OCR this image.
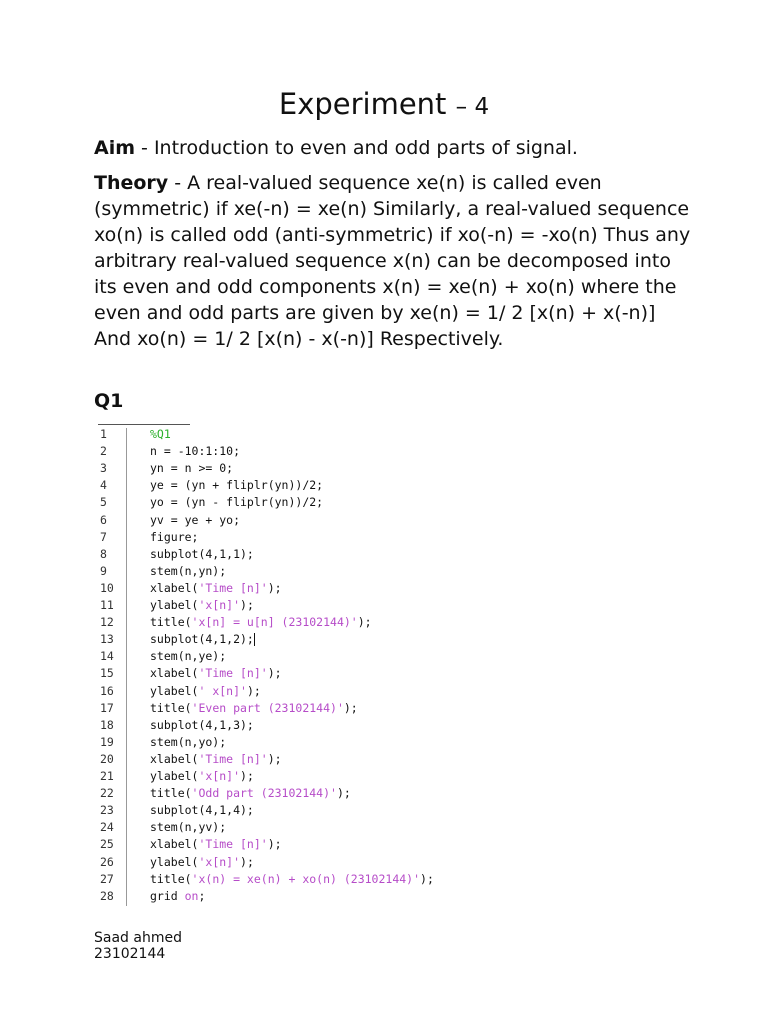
Experiment – 4

Aim - Introduction to even and odd parts of signal.

Theory - A real-valued sequence xe(n) is called even (symmetric) if xe(-n) = xe(n) Similarly, a real-valued sequence xo(n) is called odd (anti-symmetric) if xo(-n) = -xo(n) Thus any arbitrary real-valued sequence x(n) can be decomposed into its even and odd components x(n) = xe(n) + xo(n) where the even and odd parts are given by xe(n) = 1/ 2 [x(n) + x(-n)] And xo(n) = 1/ 2 [x(n) - x(-n)] Respectively.

Q1
1	%Q1
2	n = -10:1:10;
3	yn = n >= 0;
4	ye = (yn + fliplr(yn))/2;
5	yo = (yn - fliplr(yn))/2;
6	yv = ye + yo;
7	figure;
8	subplot(4,1,1);
9	stem(n,yn);
10	xlabel('Time [n]');
11	ylabel('x[n]');
12	title('x[n] = u[n] (23102144)');
13	subplot(4,1,2);
14	stem(n,ye);
15	xlabel('Time [n]');
16	ylabel(' x[n]');
17	title('Even part (23102144)');
18	subplot(4,1,3);
19	stem(n,yo);
20	xlabel('Time [n]');
21	ylabel('x[n]');
22	title('Odd part (23102144)');
23	subplot(4,1,4);
24	stem(n,yv);
25	xlabel('Time [n]');
26	ylabel('x[n]');
27	title('x(n) = xe(n) + xo(n) (23102144)');
28	grid on;
Saad ahmed
23102144
